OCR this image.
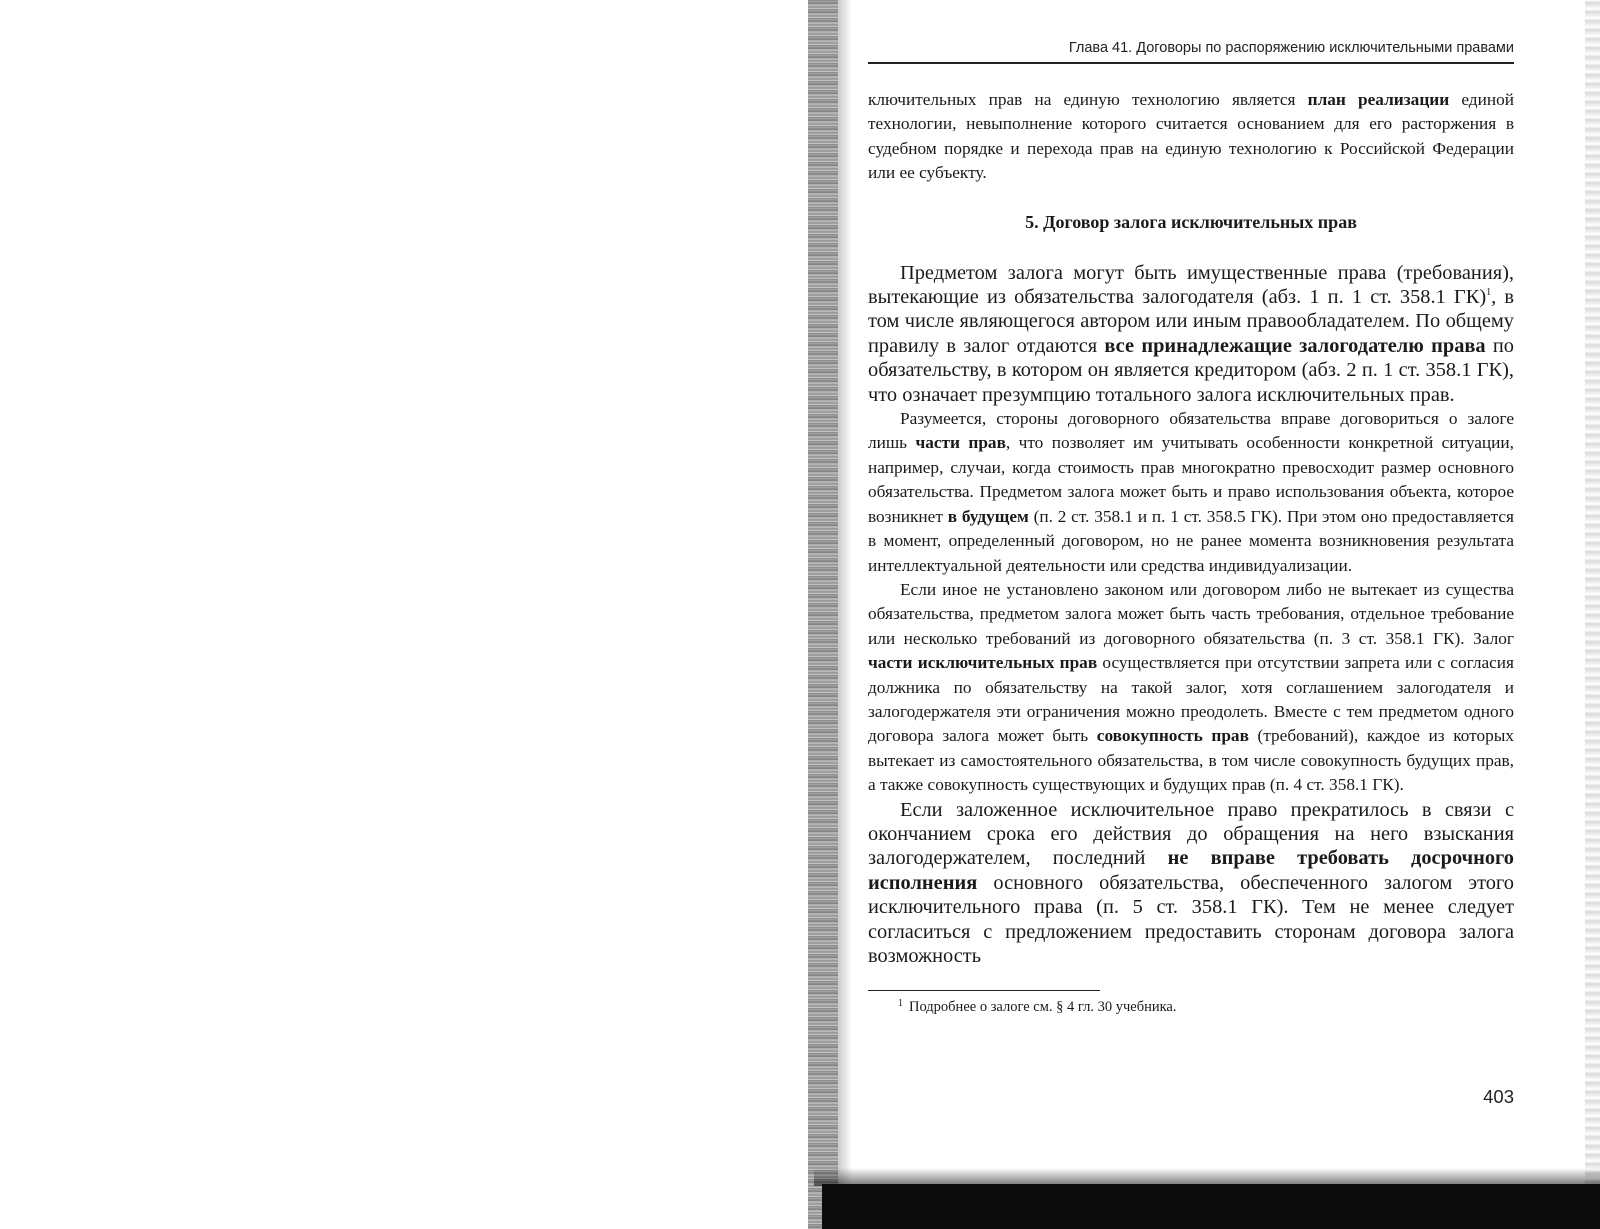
Глава 41. Договоры по распоряжению исключительными правами

ключительных прав на единую технологию является план реализации единой технологии, невыполнение которого считается основанием для его расторжения в судебном порядке и перехода прав на единую технологию к Российской Федерации или ее субъекту.

5. Договор залога исключительных прав

Предметом залога могут быть имущественные права (требования), вытекающие из обязательства залогодателя (абз. 1 п. 1 ст. 358.1 ГК)$^1$, в том числе являющегося автором или иным правообладателем. По общему правилу в залог отдаются все принадлежащие залогодателю права по обязательству, в котором он является кредитором (абз. 2 п. 1 ст. 358.1 ГК), что означает презумпцию тотального залога исключительных прав.

Разумеется, стороны договорного обязательства вправе договориться о залоге лишь части прав, что позволяет им учитывать особенности конкретной ситуации, например, случаи, когда стоимость прав многократно превосходит размер основного обязательства. Предметом залога может быть и право использования объекта, которое возникнет в будущем (п. 2 ст. 358.1 и п. 1 ст. 358.5 ГК). При этом оно предоставляется в момент, определенный договором, но не ранее момента возникновения результата интеллектуальной деятельности или средства индивидуализации.

Если иное не установлено законом или договором либо не вытекает из существа обязательства, предметом залога может быть часть требования, отдельное требование или несколько требований из договорного обязательства (п. 3 ст. 358.1 ГК). Залог части исключительных прав осуществляется при отсутствии запрета или с согласия должника по обязательству на такой залог, хотя соглашением залогодателя и залогодержателя эти ограничения можно преодолеть. Вместе с тем предметом одного договора залога может быть совокупность прав (требований), каждое из которых вытекает из самостоятельного обязательства, в том числе совокупность будущих прав, а также совокупность существующих и будущих прав (п. 4 ст. 358.1 ГК).

Если заложенное исключительное право прекратилось в связи с окончанием срока его действия до обращения на него взыскания залогодержателем, последний не вправе требовать досрочного исполнения основного обязательства, обеспеченного залогом этого исключительного права (п. 5 ст. 358.1 ГК). Тем не менее следует согласиться с предложением предоставить сторонам договора залога возможность

$^1$ Подробнее о залоге см. § 4 гл. 30 учебника.

403
